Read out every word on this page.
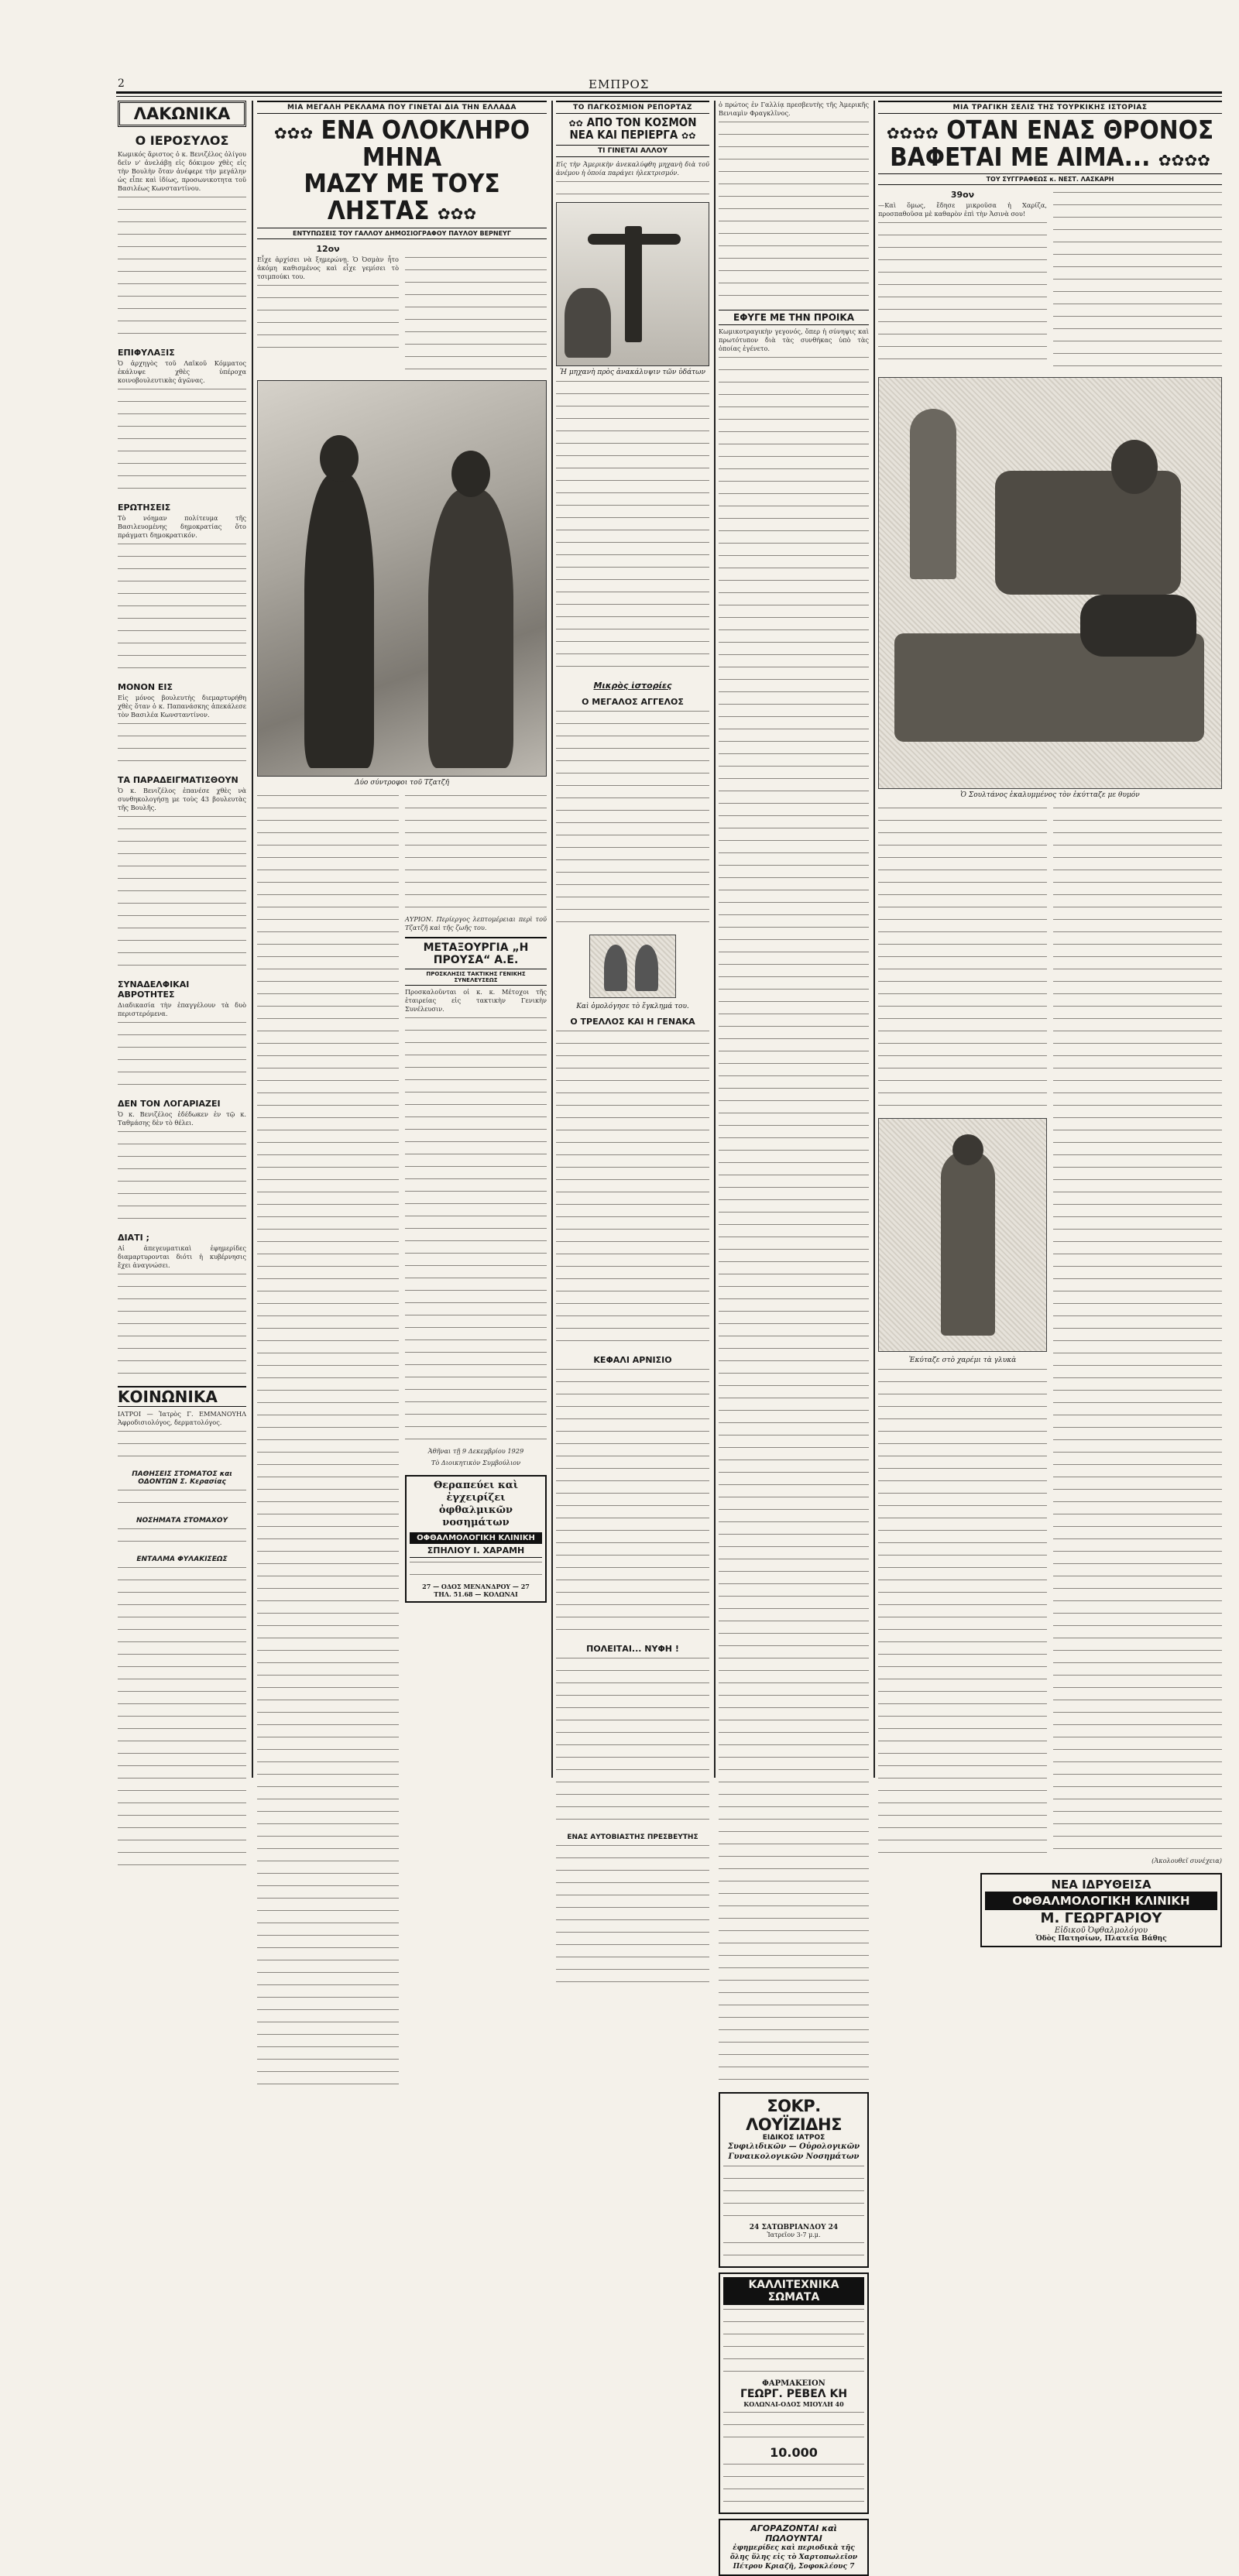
2	ΕΜΠΡΟΣ
ΛΑΚΩΝΙΚΑ
Ο ΙΕΡΟΣΥΛΟΣ

Κωμικός ἄριστος ὁ κ. Βενιζέλος ὀλίγου δεῖν ν' ἀνελάβῃ εἰς δόκιμον χθὲς εἰς τὴν Βουλὴν ὅταν ἀνέφερε τὴν μεγάλην ὡς εἶπε καὶ ἰδίως, προσωνικοτητα τοῦ Βασιλέως Κωνσταντίνου.

ΕΠΙΦΥΛΑΞΙΣ

Ὁ ἀρχηγὸς τοῦ Λαϊκοῦ Κόμματος ἐκάλυψε χθὲς ὑπέροχα κοινοβουλευτικὰς ἀγῶνας.

ΕΡΩΤΗΣΕΙΣ

Τὸ νόημαν πολίτευμα τῆς Βασιλευομένης δημοκρατίας ὅτο πράγματι δημοκρατικόν.

ΜΟΝΟΝ ΕΙΣ

Εἰς μόνος βουλευτὴς διεμαρτυρήθη χθὲς ὅταν ὁ κ. Παπανάσκης ἀπεκάλεσε τὸν Βασιλέα Κωνσταντίνον.

ΤΑ ΠΑΡΑΔΕΙΓΜΑΤΙΣΘΟΥΝ

Ὁ κ. Βενιζέλος ἐπανέσε χθὲς νὰ συνθηκολογήσῃ με τοὺς 43 βουλευτὰς τῆς Βουλῆς.

ΣΥΝΑΔΕΛΦΙΚΑΙ ΑΒΡΟΤΗΤΕΣ

Διαδικασία τὴν ἐπαγγέλουν τὰ δυὸ περιστερόμενα.

ΔΕΝ ΤΟΝ ΛΟΓΑΡΙΑΖΕΙ

Ὁ κ. Βενιζέλος ἐδέδωκεν ἐν τῷ κ. Ταθμάσης δὲν τὸ θέλει.

ΔΙΑΤΙ ;

Αἱ ἀπεγευματικαὶ ἐφημερίδες διαμαρτυρονται διότι ἡ κυβέρνησις ἔχει ἀναγνώσει.

ΚΟΙΝΩΝΙΚΑ

ΙΑΤΡΟΙ — Ἰατρὸς Γ. ΕΜΜΑΝΟΥΗΛ Ἀφροδισιολόγος, δερματολόγος.

ΠΑΘΗΣΕΙΣ ΣΤΟΜΑΤΟΣ και ΟΔΟΝΤΩΝ Σ. Κερασίας
ΝΟΣΗΜΑΤΑ ΣΤΟΜΑΧΟΥ
ΕΝΤΑΛΜΑ ΦΥΛΑΚΙΣΕΩΣ
ΜΙΑ ΜΕΓΑΛΗ ΡΕΚΛΑΜΑ ΠΟΥ ΓΙΝΕΤΑΙ ΔΙΑ ΤΗΝ ΕΛΛΑΔΑ
✿✿✿ ΕΝΑ ΟΛΟΚΛΗΡΟ ΜΗΝΑ
ΜΑΖΥ ΜΕ ΤΟΥΣ ΛΗΣΤΑΣ ✿✿✿
ΕΝΤΥΠΩΣΕΙΣ ΤΟΥ ΓΑΛΛΟΥ ΔΗΜΟΣΙΟΓΡΑΦΟΥ ΠΑΥΛΟΥ ΒΕΡΝΕΥΓ
12ον

Εἶχε ἀρχίσει νὰ ξημερώνῃ. Ὁ Ὀσμὰν ἦτο ἀκόμη καθισμένος καὶ εἶχε γεμίσει τὸ τσιμπούκι του.

Δύο σύντροφοι τοῦ Τζατζῆ

ΑΥΡΙΟΝ. Περίεργος λεπτομέρειαι περὶ τοῦ Τζατζῆ καὶ τῆς ζωῆς του.

ΜΕΤΑΞΟΥΡΓΙΑ „Η ΠΡΟΥΣΑ“ Α.Ε.
ΠΡΟΣΚΛΗΣΙΣ ΤΑΚΤΙΚΗΣ ΓΕΝΙΚΗΣ ΣΥΝΕΛΕΥΣΕΩΣ

Προσκαλοῦνται οἱ κ. κ. Μέτοχοι τῆς ἑταιρείας εἰς τακτικὴν Γενικὴν Συνέλευσιν.

Ἀθῆναι τῇ 9 Δεκεμβρίου 1929

Τὸ Διοικητικὸν Συμβούλιον

Θεραπεύει καὶ ἐγχειρίζει ὀφθαλμικῶν νοσημάτων
ΟΦΘΑΛΜΟΛΟΓΙΚΗ ΚΛΙΝΙΚΗ
ΣΠΗΛΙΟΥ Ι. ΧΑΡΑΜΗ
27 — ΟΔΟΣ ΜΕΝΑΝΔΡΟΥ — 27
ΤΗΛ. 51.68 — ΚΟΛΩΝΑΙ
ΤΟ ΠΑΓΚΟΣΜΙΟΝ ΡΕΠΟΡΤΑΖ
✿✿ ΑΠΟ ΤΟΝ ΚΟΣΜΟΝ
ΝΕΑ ΚΑΙ ΠΕΡΙΕΡΓΑ ✿✿
ΤΙ ΓΙΝΕΤΑΙ ΑΛΛΟΥ

Εἰς τὴν Ἀμερικὴν ἀνεκαλύφθη μηχανὴ διὰ τοῦ ἀνέμου ἡ ὁποία παράγει ἠλεκτρισμόν.

Ἡ μηχανὴ πρὸς ἀνακάλυψιν τῶν ὑδάτων
Μικρὸς ἱστορίες
Ο ΜΕΓΑΛΟΣ ΑΓΓΕΛΟΣ
Καὶ ὁμολόγησε τὸ ἔγκλημά του.
Ο ΤΡΕΛΛΟΣ ΚΑΙ Η ΓΕΝΑΚΑ
ΚΕΦΑΛΙ ΑΡΝΙΣΙΟ
ΠΟΛΕΙΤΑΙ... ΝΥΦΗ !
ΕΝΑΣ ΑΥΤΟΒΙΑΣΤΗΣ ΠΡΕΣΒΕΥΤΗΣ

ὁ πρώτος ἐν Γαλλίᾳ πρεσβευτὴς τῆς Ἀμερικῆς Βενιαμὶν Φραγκλῖνος.

ΕΦΥΓΕ ΜΕ ΤΗΝ ΠΡΟΙΚΑ

Κωμικοτραγικὴν γεγονός, ὅπερ ἡ σύνηψις καὶ πρωτότυπον διὰ τὰς συνθήκας ὑπὸ τὰς ὁποίας ἐγένετο.

ΣΟΚΡ. ΛΟΥΪΖΙΔΗΣ
ΕΙΔΙΚΟΣ ΙΑΤΡΟΣ
Συφιλιδικῶν — Οὐρολογικῶν Γυναικολογικῶν Νοσημάτων
24 ΣΑΤΩΒΡΙΑΝΔΟΥ 24
Ἰατρεῖον 3-7 μ.μ.
ΚΑΛΛΙΤΕΧΝΙΚΑ ΣΩΜΑΤΑ
ΦΑΡΜΑΚΕΙΟΝ
ΓΕΩΡΓ. ΡΕΒΕΛ ΚΗ
ΚΟΛΩΝΑΙ-ΟΔΟΣ ΜΙΟΥΛΗ 40
10.000
ΑΓΟΡΑΖΟΝΤΑΙ καὶ ΠΩΛΟΥΝΤΑΙ
ἐφημερίδες καὶ περιοδικὰ τῆς ὅλης ὕλης εἰς τὸ Χαρτοπωλεῖον Πέτρου Κριαζῆ, Σοφοκλέους 7
ΜΙΑ ΤΡΑΓΙΚΗ ΣΕΛΙΣ ΤΗΣ ΤΟΥΡΚΙΚΗΣ ΙΣΤΟΡΙΑΣ
✿✿✿✿ ΟΤΑΝ ΕΝΑΣ ΘΡΟΝΟΣ
ΒΑΦΕΤΑΙ ΜΕ ΑΙΜΑ... ✿✿✿✿
ΤΟΥ ΣΥΓΓΡΑΦΕΩΣ κ. ΝΕΣΤ. ΛΑΣΚΑΡΗ
39ον

—Καὶ ὅμως, ἔδησε μικροῦσα ἡ Χαρίζα, προσπαθοῦσα μὲ καθαρὸν ἐπὶ τὴν Ἀσινὰ σου!

Ὁ Σουλτάνος ἐκαλυμμένος τὸν ἐκύτταζε με θυμόν
Ἐκύταζε στὸ χαρέμι τὰ γλυκὰ

(Ἀκολουθεῖ συνέχεια)

ΝΕΑ ΙΔΡΥΘΕΙΣΑ
ΟΦΘΑΛΜΟΛΟΓΙΚΗ ΚΛΙΝΙΚΗ
Μ. ΓΕΩΡΓΑΡΙΟΥ
Εἰδικοῦ Ὀφθαλμολόγου
Ὁδὸς Πατησίων, Πλατεῖα Βάθης
